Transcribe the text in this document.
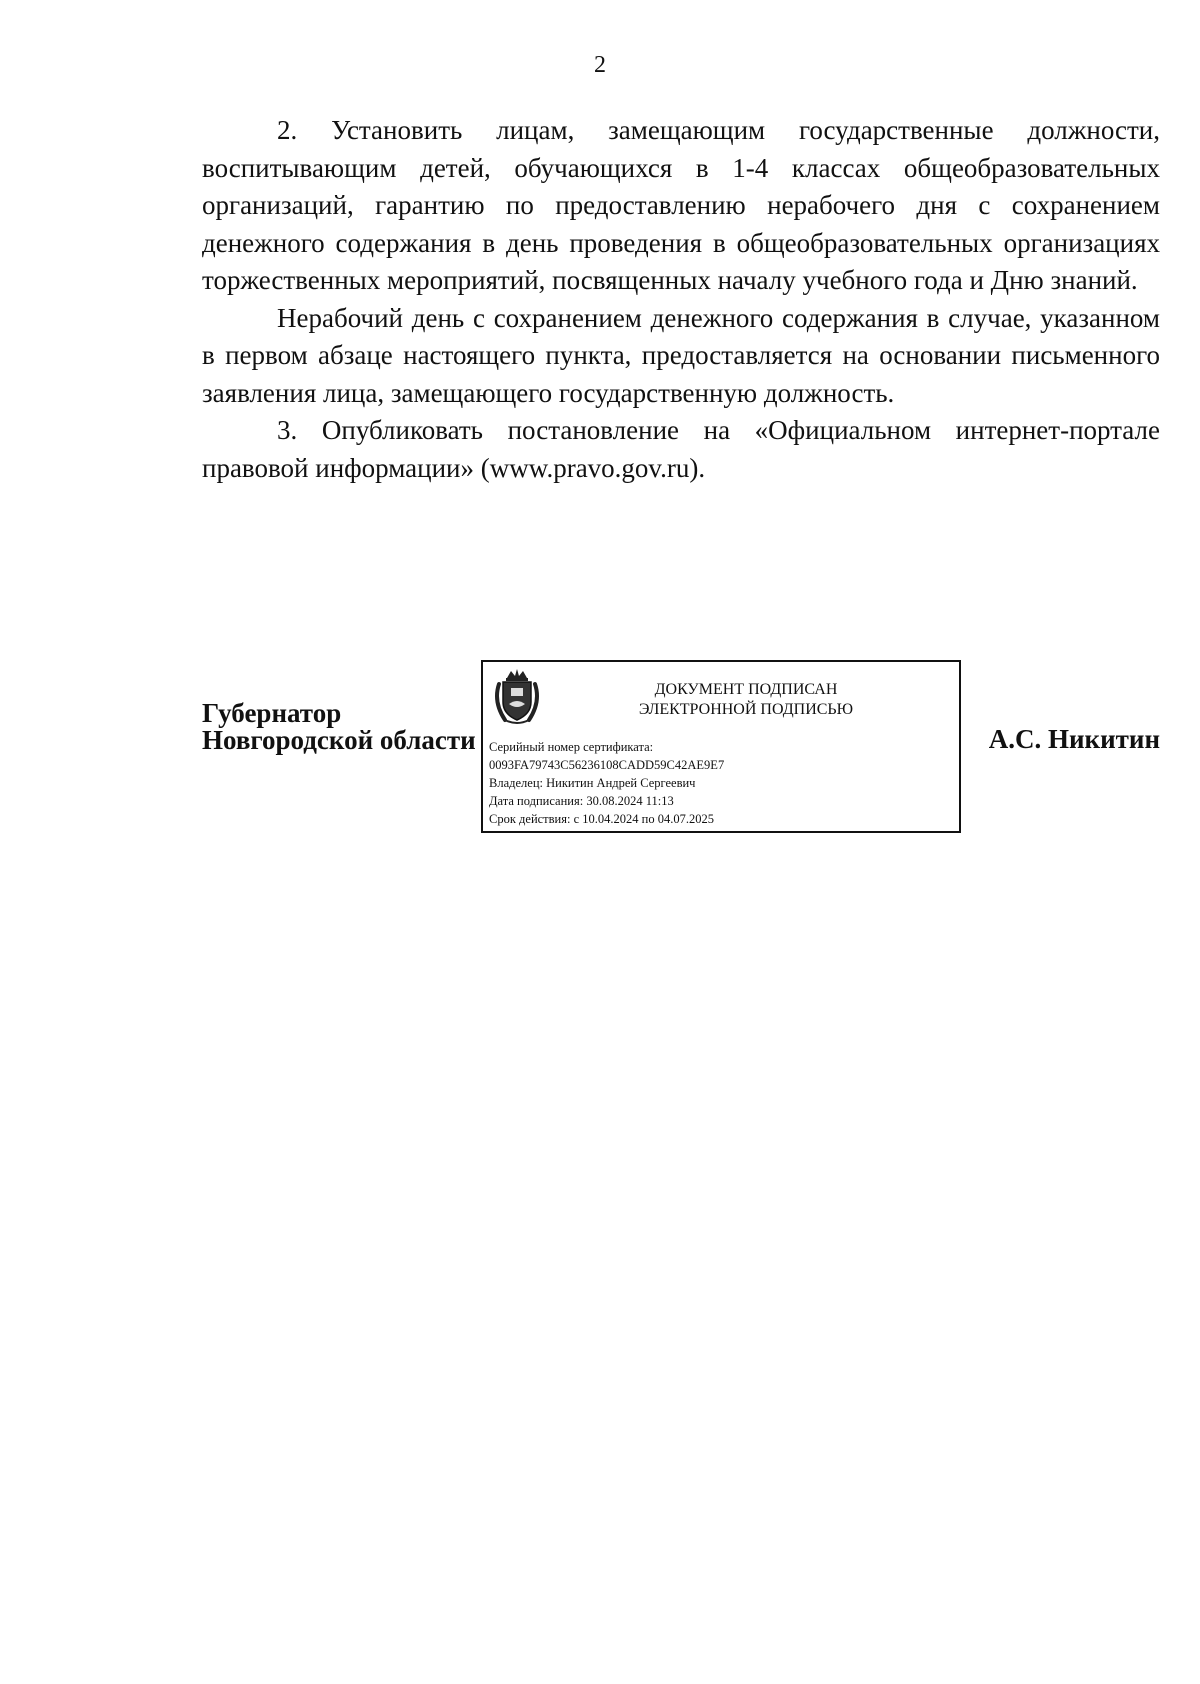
2

2. Установить лицам, замещающим государственные должности, воспитывающим детей, обучающихся в 1-4 классах общеобразовательных организаций, гарантию по предоставлению нерабочего дня с сохранением денежного содержания в день проведения в общеобразовательных организациях торжественных мероприятий, посвященных началу учебного года и Дню знаний.

Нерабочий день с сохранением денежного содержания в случае, указанном в первом абзаце настоящего пункта, предоставляется на основании письменного заявления лица, замещающего государственную должность.

3. Опубликовать постановление на «Официальном интернет-портале правовой информации» (www.pravo.gov.ru).

Губернатор
Новгородской области
ДОКУМЕНТ ПОДПИСАН
ЭЛЕКТРОННОЙ ПОДПИСЬЮ
Серийный номер сертификата:
0093FA79743C56236108CADD59C42AE9E7
Владелец: Никитин Андрей Сергеевич
Дата подписания: 30.08.2024 11:13
Срок действия: с 10.04.2024 по 04.07.2025
А.С. Никитин
